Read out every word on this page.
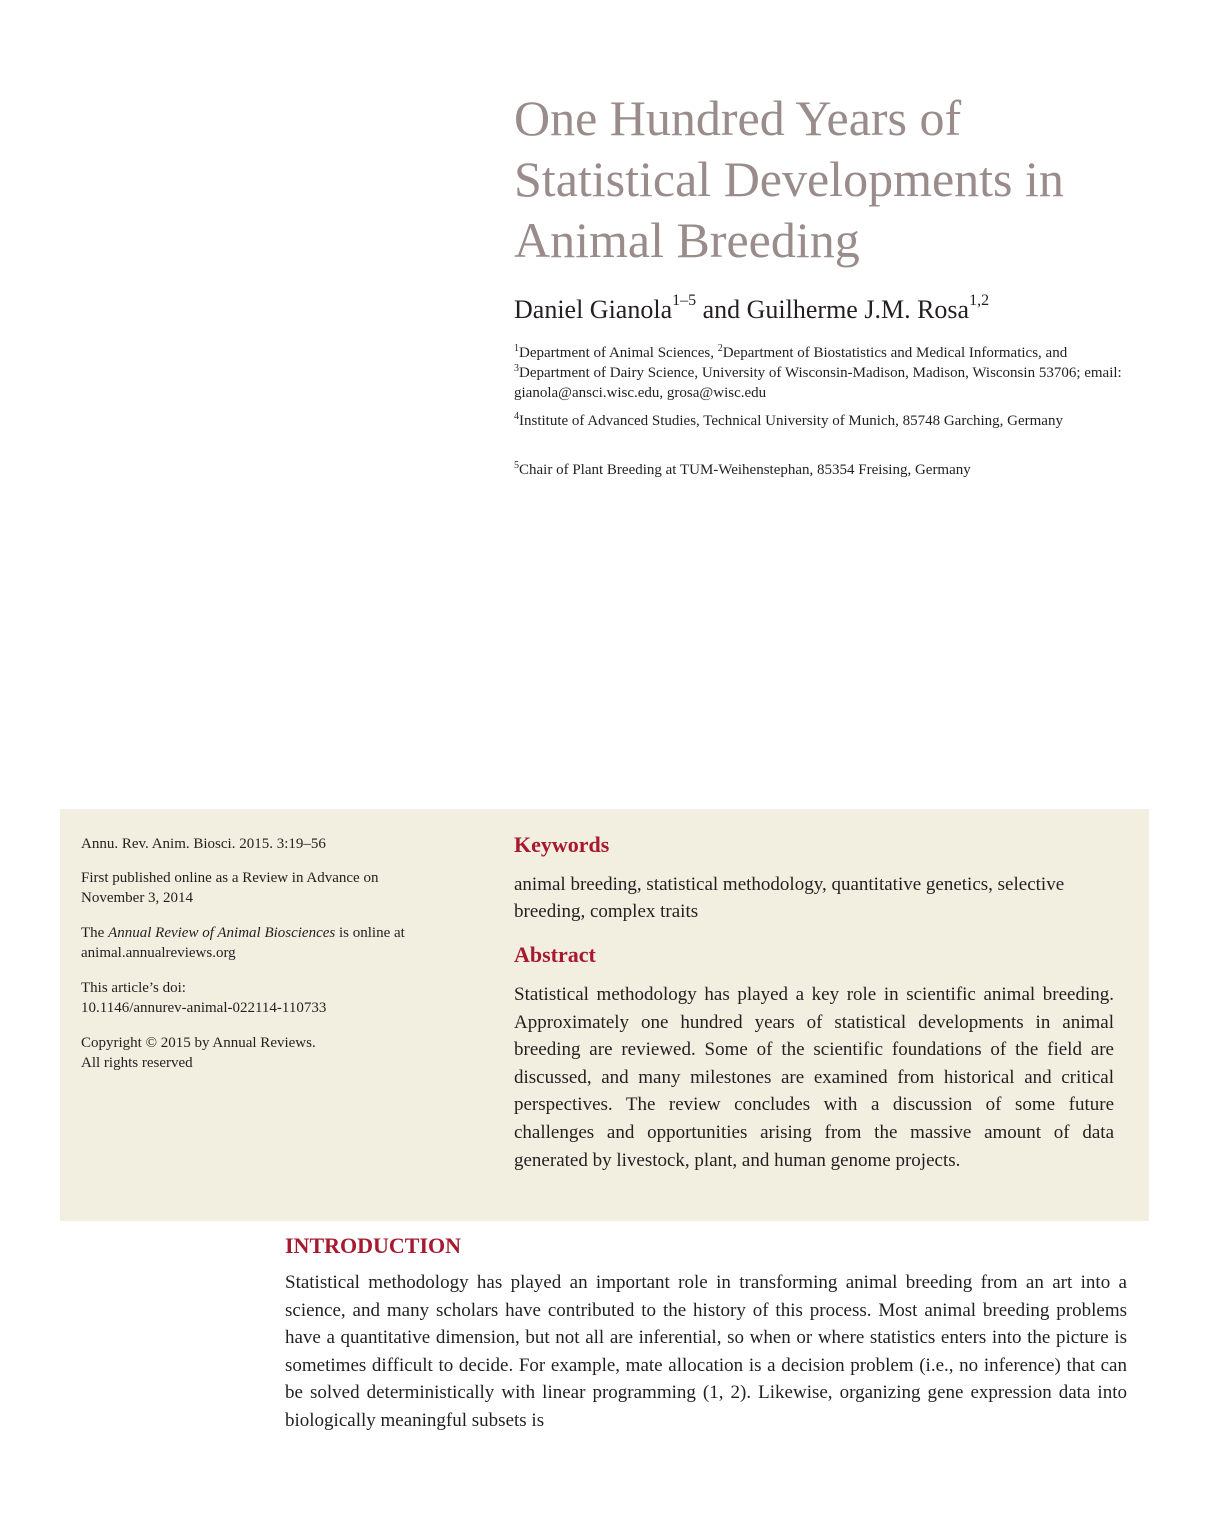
One Hundred Years of Statistical Developments in Animal Breeding

Daniel Gianola$^{1-5}$ and Guilherme J.M. Rosa$^{1,2}$

$^1$Department of Animal Sciences, $^2$Department of Biostatistics and Medical Informatics, and $^3$Department of Dairy Science, University of Wisconsin-Madison, Madison, Wisconsin 53706; email: gianola@ansci.wisc.edu, grosa@wisc.edu

$^4$Institute of Advanced Studies, Technical University of Munich, 85748 Garching, Germany

$^5$Chair of Plant Breeding at TUM-Weihenstephan, 85354 Freising, Germany

Annu. Rev. Anim. Biosci. 2015. 3:19–56

First published online as a Review in Advance on November 3, 2014

The Annual Review of Animal Biosciences is online at animal.annualreviews.org

This article’s doi:
10.1146/annurev-animal-022114-110733

Copyright © 2015 by Annual Reviews.
All rights reserved

Keywords

animal breeding, statistical methodology, quantitative genetics, selective breeding, complex traits

Abstract

Statistical methodology has played a key role in scientific animal breeding. Approximately one hundred years of statistical developments in animal breeding are reviewed. Some of the scientific foundations of the field are discussed, and many milestones are examined from historical and critical perspectives. The review concludes with a discussion of some future challenges and opportunities arising from the massive amount of data generated by livestock, plant, and human genome projects.

INTRODUCTION

Statistical methodology has played an important role in transforming animal breeding from an art into a science, and many scholars have contributed to the history of this process. Most animal breeding problems have a quantitative dimension, but not all are inferential, so when or where statistics enters into the picture is sometimes difficult to decide. For example, mate allocation is a decision problem (i.e., no inference) that can be solved deterministically with linear programming (1, 2). Likewise, organizing gene expression data into biologically meaningful subsets is
